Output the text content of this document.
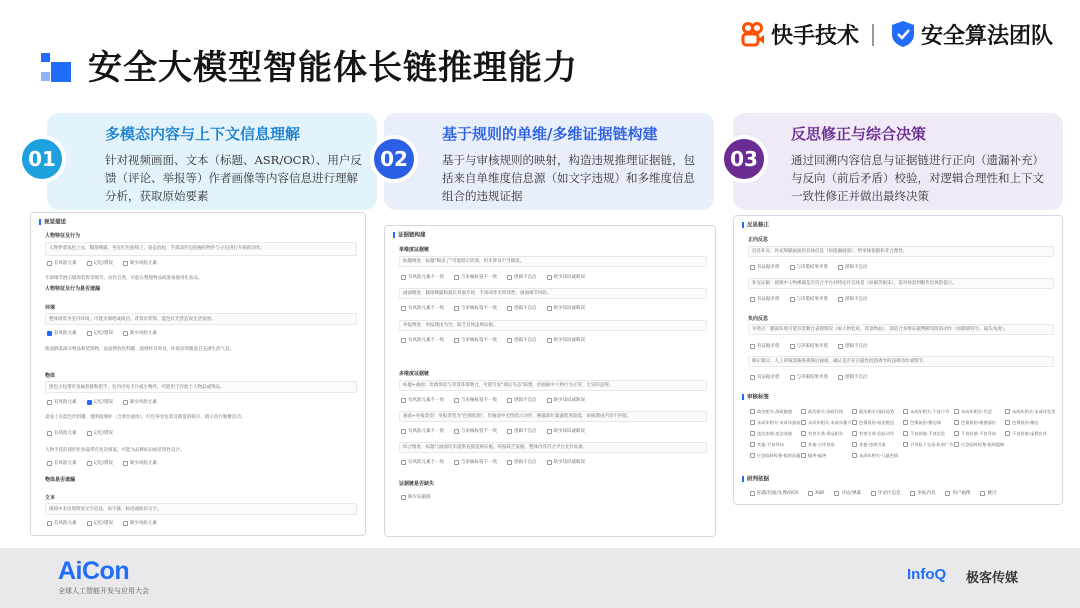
安全大模型智能体长链推理能力
快手技术	安全算法团队
多模态内容与上下文信息理解
针对视频画面、文本（标题、ASR/OCR）、用户反馈（评论、举报等）作者画像等内容信息进行理解分析，获取原始要素
01
基于规则的单维/多维证据链构建
基于与审核规则的映射，构造违规推理证据链，包括来自单维度信息源（如文字违规）和多维度信息组合的违规证据
02
反思修正与综合决策
通过回溯内容信息与证据链进行正向（遗漏补充）与反向（前后矛盾）校验，对逻辑合理性和上下文一致性修正并做出最终决策
03
视觉描述
人物特征及行为
人物穿着浅色上衣，腿部裸露，坐在红色座椅上，姿态放松，手部动作包括握持物件与小包进行开箱的动作。
有风险元素	记忆/错误	缺少风险元素
手部细节展示服饰装饰等细节，动作自然，可能在整理物品或准备使用化妆品。
人物特征及行为是否遗漏
环境
整体场景为室内环境，可能为酒吧或商店，背景有装饰，蓝色灯光营造夜生活氛围。
有风险元素	记忆/错误	缺少风险元素
地面散落部分物品和装饰物，桌面摆放饮料罐、玻璃杯及零食，环境显得随意且充满生活气息。
物体
黑色小包带有金属扣链和把手，包内可见卡片或小物件，可能用于存放个人物品或饰品。
有风险元素	记忆/错误	缺少风险元素
桌面上有蓝色饮料罐、透明玻璃杯（含黄色液体），红色零食包装及散落的纸巾，暗示进行聚餐活动。
有风险元素	记忆/错误
人物手持的圆形化妆镜带有复杂图案，可能为品牌标识或装饰性设计。
有风险元素	记忆/错误	缺少风险元素
物体是否遗漏
文本
视频中未出现明显文字信息，如字幕、标语或标识文字。
有风险元素	记忆/错误	缺少风险元素
证据链构建
单维度证据链
标题维度：标题"喝多了"可能暗示饮酒，但未涉及不当描述。
句风险元素不一致	与审核标签不一致	逻辑不自洽	缺少知识或缺误
画面维度：腿部裸露和超长背面开衩，手部动作无明显性，画面细节风险。
句风险元素不一致	与审核标签不一致	逻辑不自洽	缺少知识或缺误
举报维度：举报理由为空，缺乏具体违规证据。
句风险元素不一致	与审核标签不一致	逻辑不自洽	缺少知识或缺误
多维度证据链
标题+画面：饮酒场景与背景环境吻合，可能引发"酒后失态"联想，但画面中人物行为正常，无实际违规。
句风险元素不一致	与审核标签不一致	逻辑不自洽	缺少知识或缺误
画面+举报类型：举报类型为"色情低俗"，但画面中无性暗示动作，裸露部位暴露程度较低，审核理由内容不匹配。
句风险元素不一致	与审核标签不一致	逻辑不自洽	缺少知识或缺误
综合维度：标题与画面均未提供直接违规证据，举报缺乏依据，整体内容符合平台允许标准。
句风险元素不一致	与审核标签不一致	逻辑不自洽	缺少知识或缺误
证据链是否缺失
缺少证据链
反思修正
正向反思
信息补充：补充细腻画面的具体信息（如遗漏画面），给审核依据和非合理性。
有证据矛盾	与决策结果矛盾	逻辑不自洽
补充证据：视频中人物裸露是否符合平台对特定社交场景（如搞笑娱乐），需对场景判断作出风险提示。
有证据矛盾	与决策结果矛盾	逻辑不自洽
负向反思
矛盾点：腿部环境可能有着舞台表现情况（如人物装束、背景物品），需结合多维证据判断风险的动作（如腿部特写、镜头角度）。
有证据矛盾	与决策结果矛盾	逻辑不自洽
修正建议：人工审核需核查视频后画面，确认是否存在隐性低俗诱导的违规动作或情节。
有证据矛盾	与决策结果矛盾	逻辑不自洽
审核标签
政治相关-涉政敏感	政治相关-涉政红线	政治相关-国际局势	未成年相关-不良行为	未成年相关-早恋	未成年相关-未成年发型
未成年相关-未成年游戏 未成年相关-未成年暴力 色情低俗-低俗挑逗	色情低俗-擦边球	色情低俗-敏感部位	色情低俗-擦边
违法违规-违法违规	有害引诱-毒品相关	有害引诱-危险动作	不良价值-不良信息	不良价值-不良导向	不良价值-虚假宣传
其他-不良导向	其他-公序良俗	其他-违规引流	引导私下交易-私单广告 应急临时标签-临时阻断
应急临时标签-临时屏蔽 搞笑-搞笑	未成年相关-儿童色情
研判依据
标题/封面/头像/OCR	ASR	评论/弹幕	评论区信息	举报内容	用户画像	跳过
AiCon
全球人工智能开发与应用大会
InfoQ 极客传媒
